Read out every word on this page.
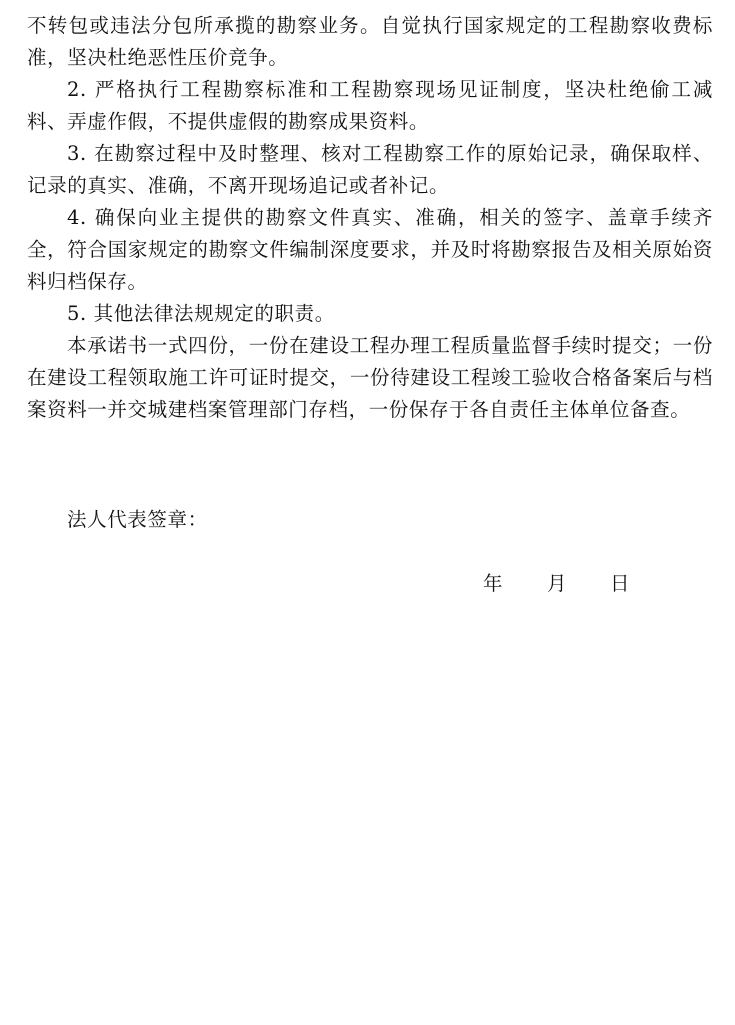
不转包或违法分包所承揽的勘察业务。自觉执行国家规定的工程勘察收费标准，坚决杜绝恶性压价竞争。

2. 严格执行工程勘察标准和工程勘察现场见证制度，坚决杜绝偷工减料、弄虚作假，不提供虚假的勘察成果资料。

3. 在勘察过程中及时整理、核对工程勘察工作的原始记录，确保取样、记录的真实、准确，不离开现场追记或者补记。

4. 确保向业主提供的勘察文件真实、准确，相关的签字、盖章手续齐全，符合国家规定的勘察文件编制深度要求，并及时将勘察报告及相关原始资料归档保存。

5. 其他法律法规规定的职责。

本承诺书一式四份，一份在建设工程办理工程质量监督手续时提交；一份在建设工程领取施工许可证时提交，一份待建设工程竣工验收合格备案后与档案资料一并交城建档案管理部门存档，一份保存于各自责任主体单位备查。

法人代表签章：
年 月 日
